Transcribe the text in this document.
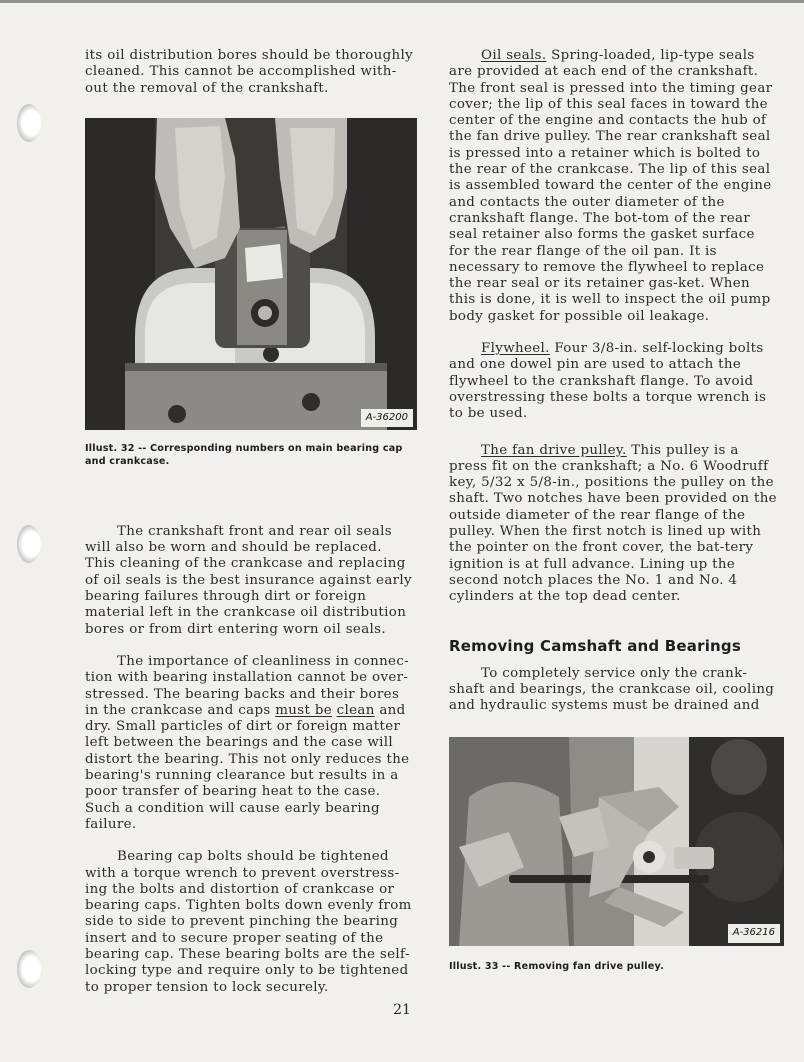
its oil distribution bores should be thoroughly cleaned. This cannot be accomplished with-out the removal of the crankshaft.

A-36200

Illust. 32 -- Corresponding numbers on main bearing cap and crankcase.

The crankshaft front and rear oil seals will also be worn and should be replaced. This cleaning of the crankcase and replacing of oil seals is the best insurance against early bearing failures through dirt or foreign material left in the crankcase oil distribution bores or from dirt entering worn oil seals.

The importance of cleanliness in connec-tion with bearing installation cannot be over-stressed. The bearing backs and their bores in the crankcase and caps must be clean and dry. Small particles of dirt or foreign matter left between the bearings and the case will distort the bearing. This not only reduces the bearing's running clearance but results in a poor transfer of bearing heat to the case. Such a condition will cause early bearing failure.

Bearing cap bolts should be tightened with a torque wrench to prevent overstress-ing the bolts and distortion of crankcase or bearing caps. Tighten bolts down evenly from side to side to prevent pinching the bearing insert and to secure proper seating of the bearing cap. These bearing bolts are the self-locking type and require only to be tightened to proper tension to lock securely.

Oil seals. Spring-loaded, lip-type seals are provided at each end of the crankshaft. The front seal is pressed into the timing gear cover; the lip of this seal faces in toward the center of the engine and contacts the hub of the fan drive pulley. The rear crankshaft seal is pressed into a retainer which is bolted to the rear of the crankcase. The lip of this seal is assembled toward the center of the engine and contacts the outer diameter of the crankshaft flange. The bot-tom of the rear seal retainer also forms the gasket surface for the rear flange of the oil pan. It is necessary to remove the flywheel to replace the rear seal or its retainer gas-ket. When this is done, it is well to inspect the oil pump body gasket for possible oil leakage.

Flywheel. Four 3/8-in. self-locking bolts and one dowel pin are used to attach the flywheel to the crankshaft flange. To avoid overstressing these bolts a torque wrench is to be used.

The fan drive pulley. This pulley is a press fit on the crankshaft; a No. 6 Woodruff key, 5/32 x 5/8-in., positions the pulley on the shaft. Two notches have been provided on the outside diameter of the rear flange of the pulley. When the first notch is lined up with the pointer on the front cover, the bat-tery ignition is at full advance. Lining up the second notch places the No. 1 and No. 4 cylinders at the top dead center.

Removing Camshaft and Bearings

To completely service only the crank-shaft and bearings, the crankcase oil, cooling and hydraulic systems must be drained and

A-36216

Illust. 33 -- Removing fan drive pulley.

21
